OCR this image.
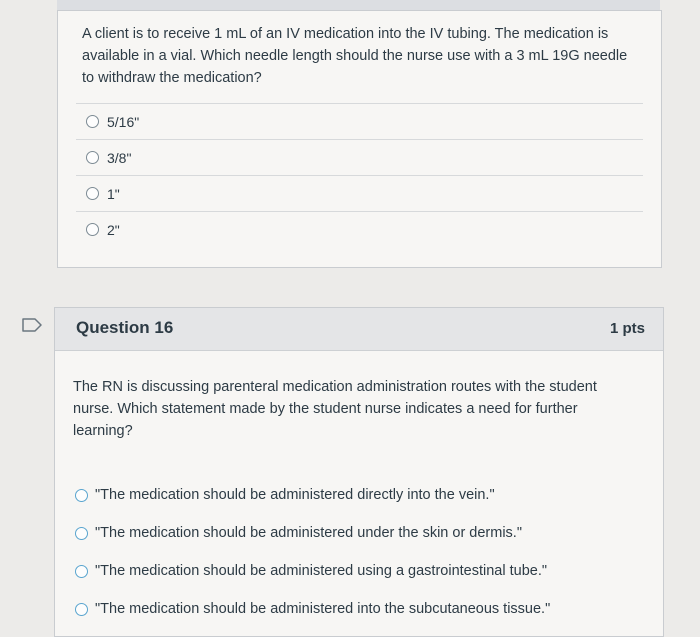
A client is to receive 1 mL of an IV medication into the IV tubing. The medication is available in a vial. Which needle length should the nurse use with a 3 mL 19G needle to withdraw the medication?
5/16"
3/8"
1"
2"
Question 16	1 pts
The RN is discussing parenteral medication administration routes with the student nurse. Which statement made by the student nurse indicates a need for further learning?
"The medication should be administered directly into the vein."
"The medication should be administered under the skin or dermis."
"The medication should be administered using a gastrointestinal tube."
"The medication should be administered into the subcutaneous tissue."
